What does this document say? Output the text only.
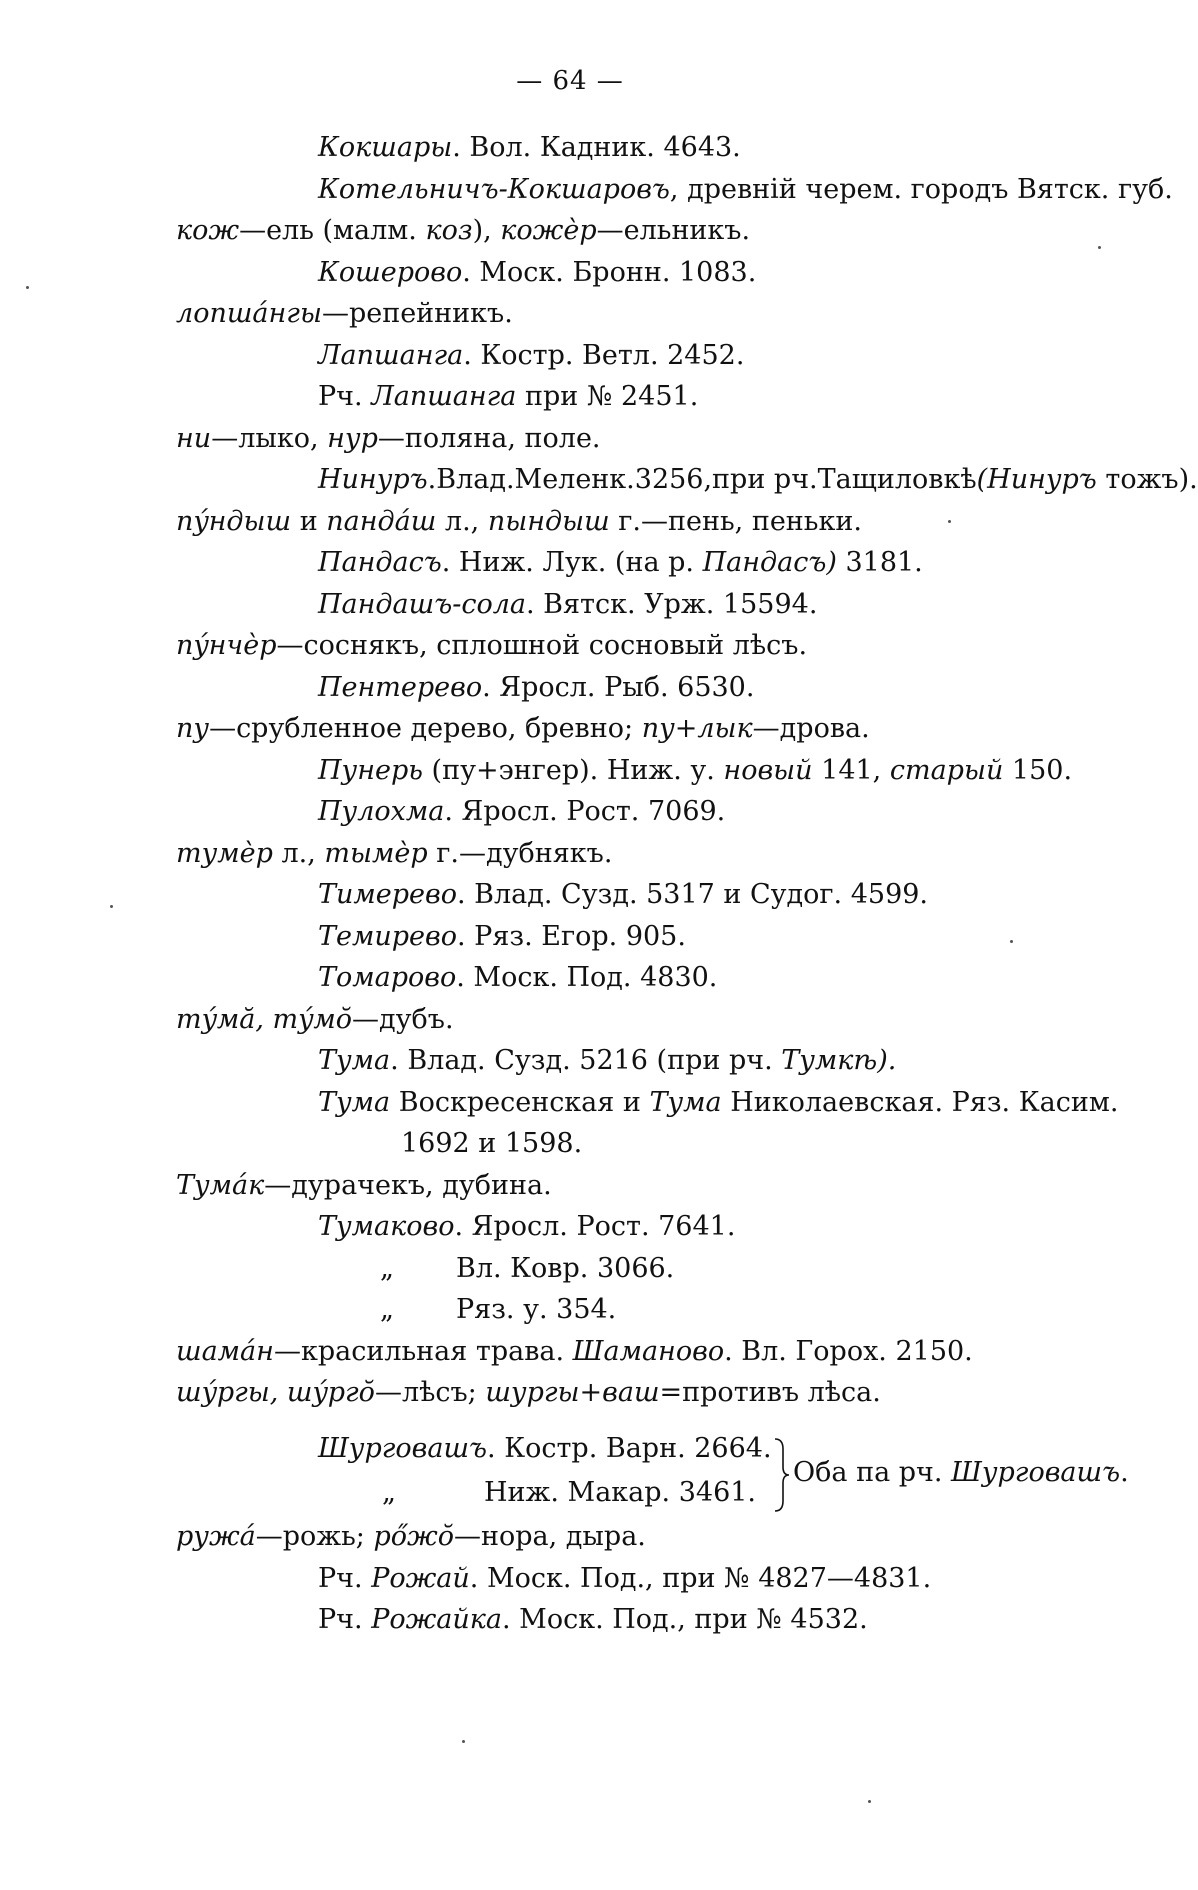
— 64 —
Кокшары. Вол. Кадник. 4643.
Котельничъ-Кокшаровъ, древній черем. городъ Вятск. губ.
кож—ель (малм. коз), кожѐр—ельникъ.
Кошерово. Моск. Бронн. 1083.
лопшáнгы—репейникъ.
Лапшанга. Костр. Ветл. 2452.
Рч. Лапшанга при № 2451.
ни—лыко, нур—поляна, поле.
Нинуръ.Влад.Меленк.3256,при рч.Тащиловкѣ(Нинуръ тожъ).
пýндыш и пандáш л., пындыш г.—пень, пеньки.
Пандасъ. Ниж. Лук. (на р. Пандасъ) 3181.
Пандашъ-сола. Вятск. Урж. 15594.
пýнчѐр—соснякъ, сплошной сосновый лѣсъ.
Пентерево. Яросл. Рыб. 6530.
пу—срубленное дерево, бревно; пу+лык—дрова.
Пунерь (пу+энгер). Ниж. у. новый 141, старый 150.
Пулохма. Яросл. Рост. 7069.
тумѐр л., тымѐр г.—дубнякъ.
Тимерево. Влад. Сузд. 5317 и Судог. 4599.
Темирево. Ряз. Егор. 905.
Томарово. Моск. Под. 4830.
тýмă, тýмŏ—дубъ.
Тума. Влад. Сузд. 5216 (при рч. Тумкѣ).
Тума Воскресенская и Тума Николаевская. Ряз. Касим.
1692 и 1598.
Тумáк—дурачекъ, дубина.
Тумаково. Яросл. Рост. 7641.
„ Вл. Ковр. 3066.
„ Ряз. у. 354.
шамáн—красильная трава. Шаманово. Вл. Горох. 2150.
шýргы, шýргŏ—лѣсъ; шургы+ваш=противъ лѣса.
ружá—рожь; рőжŏ—нора, дыра.
Рч. Рожай. Моск. Под., при № 4827—4831.
Рч. Рожайка. Моск. Под., при № 4532.
Шурговашъ. Костр. Варн. 2664.
„	Ниж. Макар. 3461.
Оба па рч. Шурговашъ.
